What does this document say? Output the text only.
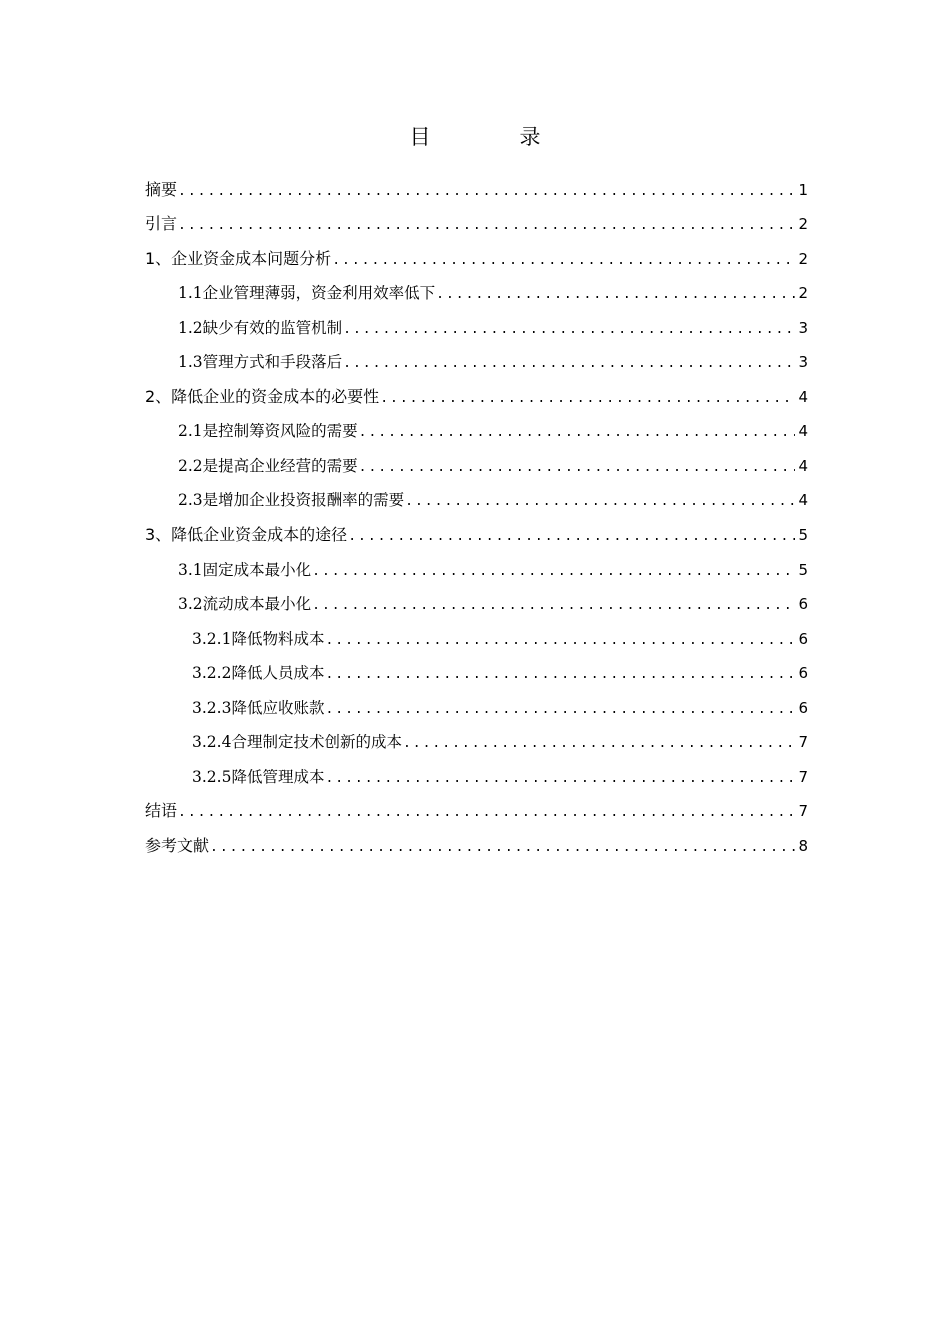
目　录
摘要 .....	1
引言 .....	2
1、企业资金成本问题分析 .....	2
1.1企业管理薄弱，资金利用效率低下 .....	2
1.2缺少有效的监管机制 .....	3
1.3管理方式和手段落后 .....	3
2、降低企业的资金成本的必要性 .....	4
2.1是控制筹资风险的需要 .....	4
2.2是提高企业经营的需要 .....	4
2.3是增加企业投资报酬率的需要 .....	4
3、降低企业资金成本的途径 .....	5
3.1固定成本最小化 .....	5
3.2流动成本最小化 .....	6
3.2.1降低物料成本 .....	6
3.2.2降低人员成本 .....	6
3.2.3降低应收账款 .....	6
3.2.4合理制定技术创新的成本 .....	7
3.2.5降低管理成本 .....	7
结语 .....	7
参考文献 .....	8
